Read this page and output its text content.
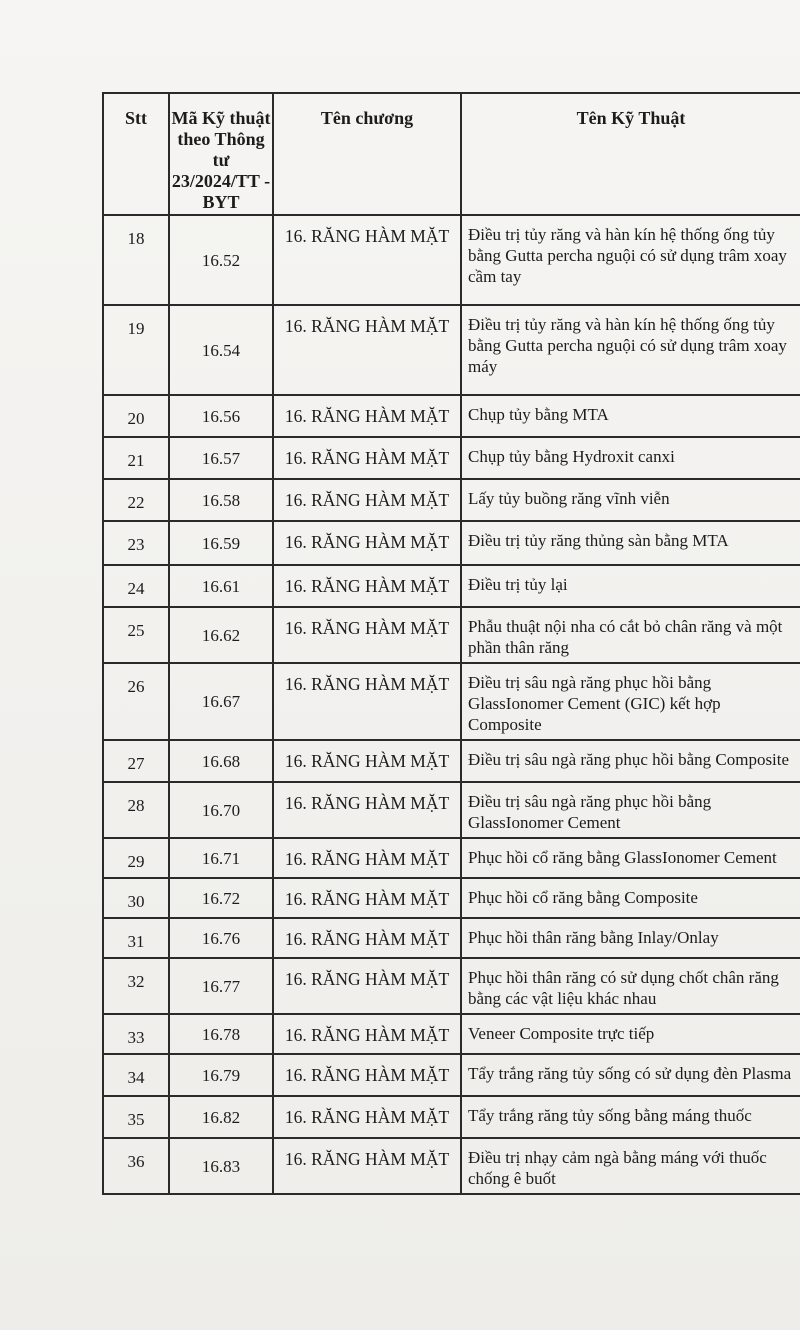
Stt	Mã Kỹ thuật theo Thông tư 23/2024/TT -BYT	Tên chương	Tên Kỹ Thuật
18	16.52	16. RĂNG HÀM MẶT	Điều trị tủy răng và hàn kín hệ thống ống tủy bằng Gutta percha nguội có sử dụng trâm xoay cầm tay
19	16.54	16. RĂNG HÀM MẶT	Điều trị tủy răng và hàn kín hệ thống ống tủy bằng Gutta percha nguội có sử dụng trâm xoay máy
20	16.56	16. RĂNG HÀM MẶT	Chụp tủy bằng MTA
21	16.57	16. RĂNG HÀM MẶT	Chụp tủy bằng Hydroxit canxi
22	16.58	16. RĂNG HÀM MẶT	Lấy tủy buồng răng vĩnh viễn
23	16.59	16. RĂNG HÀM MẶT	Điều trị tủy răng thủng sàn bằng MTA
24	16.61	16. RĂNG HÀM MẶT	Điều trị tủy lại
25	16.62	16. RĂNG HÀM MẶT	Phẫu thuật nội nha có cắt bỏ chân răng và một phần thân răng
26	16.67	16. RĂNG HÀM MẶT	Điều trị sâu ngà răng phục hồi bằng GlassIonomer Cement (GIC) kết hợp Composite
27	16.68	16. RĂNG HÀM MẶT	Điều trị sâu ngà răng phục hồi bằng Composite
28	16.70	16. RĂNG HÀM MẶT	Điều trị sâu ngà răng phục hồi bằng GlassIonomer Cement
29	16.71	16. RĂNG HÀM MẶT	Phục hồi cổ răng bằng GlassIonomer Cement
30	16.72	16. RĂNG HÀM MẶT	Phục hồi cổ răng bằng Composite
31	16.76	16. RĂNG HÀM MẶT	Phục hồi thân răng bằng Inlay/Onlay
32	16.77	16. RĂNG HÀM MẶT	Phục hồi thân răng có sử dụng chốt chân răng bằng các vật liệu khác nhau
33	16.78	16. RĂNG HÀM MẶT	Veneer Composite trực tiếp
34	16.79	16. RĂNG HÀM MẶT	Tẩy trắng răng tủy sống có sử dụng đèn Plasma
35	16.82	16. RĂNG HÀM MẶT	Tẩy trắng răng tủy sống bằng máng thuốc
36	16.83	16. RĂNG HÀM MẶT	Điều trị nhạy cảm ngà bằng máng với thuốc chống ê buốt
